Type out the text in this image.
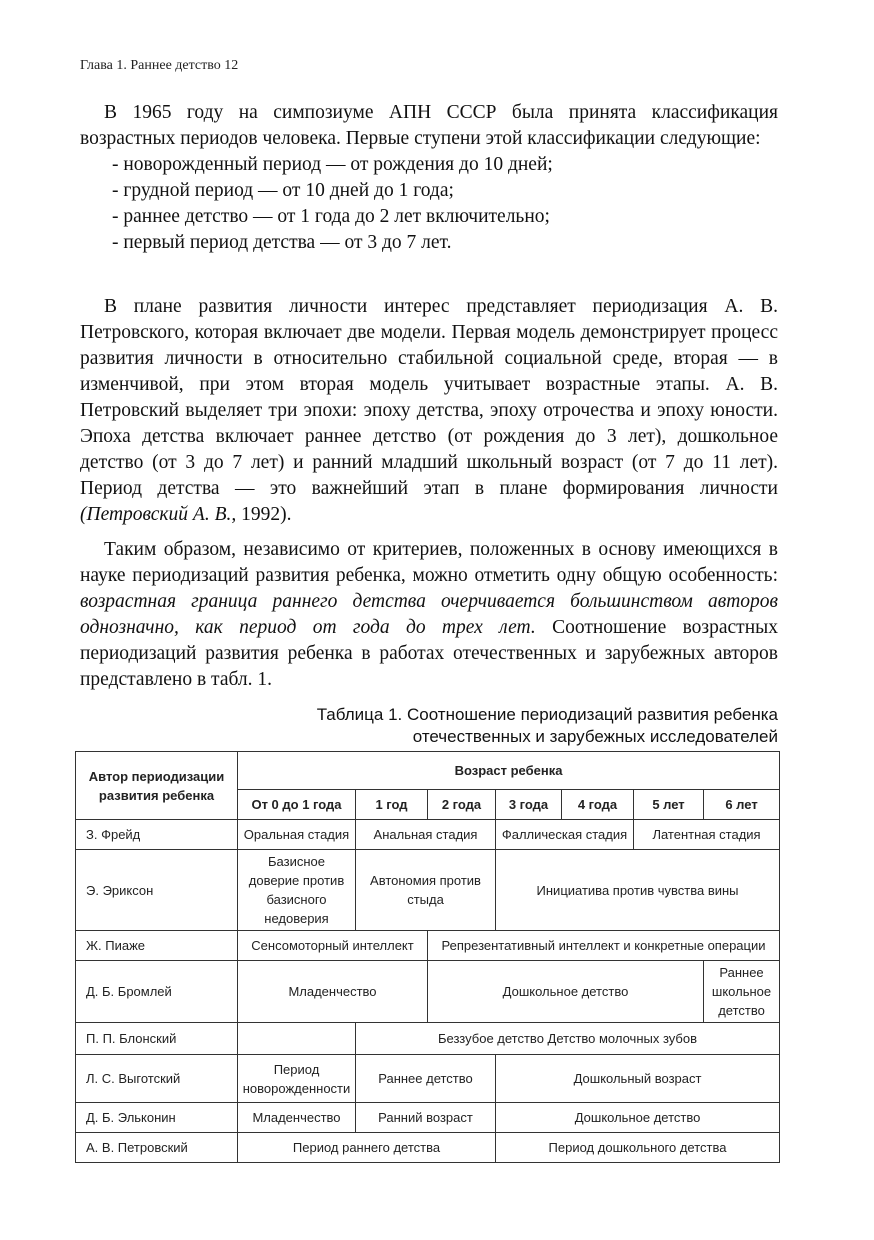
Глава 1. Раннее детство 12

В 1965 году на симпозиуме АПН СССР была принята классификация возрастных периодов человека. Первые ступени этой классификации следующие:

- новорожденный период — от рождения до 10 дней;
- грудной период — от 10 дней до 1 года;
- раннее детство — от 1 года до 2 лет включительно;
- первый период детства — от 3 до 7 лет.

В плане развития личности интерес представляет периодизация А. В. Петровского, которая включает две модели. Первая модель демонстрирует процесс развития личности в относительно стабильной социальной среде, вторая — в изменчивой, при этом вторая модель учитывает возрастные этапы. А. В. Петровский выделяет три эпохи: эпоху детства, эпоху отрочества и эпоху юности. Эпоха детства включает раннее детство (от рождения до 3 лет), дошкольное детство (от 3 до 7 лет) и ранний младший школьный возраст (от 7 до 11 лет). Период детства — это важнейший этап в плане формирования личности (Петровский А. В., 1992).

Таким образом, независимо от критериев, положенных в основу имеющихся в науке периодизаций развития ребенка, можно отметить одну общую особенность: возрастная граница раннего детства очерчивается большинством авторов однозначно, как период от года до трех лет. Соотношение возрастных периодизаций развития ребенка в работах отечественных и зарубежных авторов представлено в табл. 1.

Таблица 1. Соотношение периодизаций развития ребенка
отечественных и зарубежных исследователей
Автор периодизации развития ребенка	Возраст ребенка						
	От 0 до 1 года	1 год	2 года	3 года	4 года	5 лет	6 лет
З. Фрейд	Оральная стадия	Анальная стадия		Фаллическая стадия		Латентная стадия	
Э. Эриксон	Базисное доверие против базисного недоверия	Автономия против стыда		Инициатива против чувства вины			
Ж. Пиаже	Сенсомоторный интеллект		Репрезентативный интеллект и конкретные операции				
Д. Б. Бромлей	Младенчество		Дошкольное детство				Раннее школьное детство
П. П. Блонский		Беззубое детство Детство молочных зубов					
Л. С. Выготский	Период новорожденности	Раннее детство		Дошкольный возраст			
Д. Б. Эльконин	Младенчество	Ранний возраст		Дошкольное детство			
А. В. Петровский	Период раннего детства			Период дошкольного детства			
